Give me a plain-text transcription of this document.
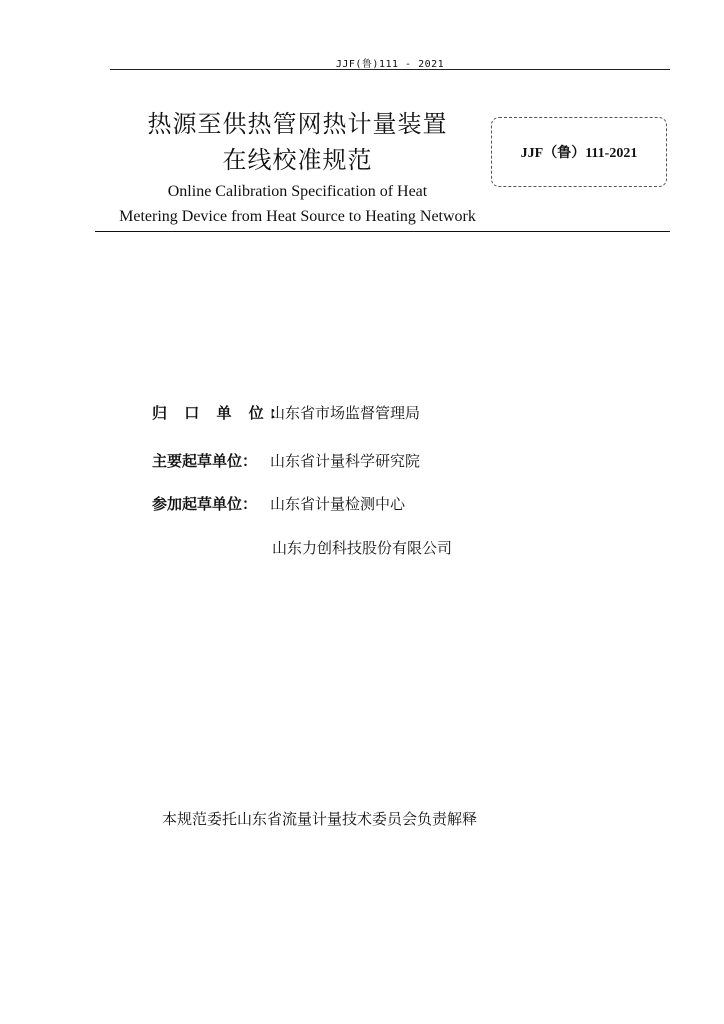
JJF(鲁)111 - 2021
热源至供热管网热计量装置
在线校准规范	JJF（鲁）111-2021
Online Calibration Specification of Heat
Metering Device from Heat Source to Heating Network
归 口 单 位：山东省市场监督管理局
主要起草单位： 山东省计量科学研究院
参加起草单位： 山东省计量检测中心
山东力创科技股份有限公司
本规范委托山东省流量计量技术委员会负责解释
